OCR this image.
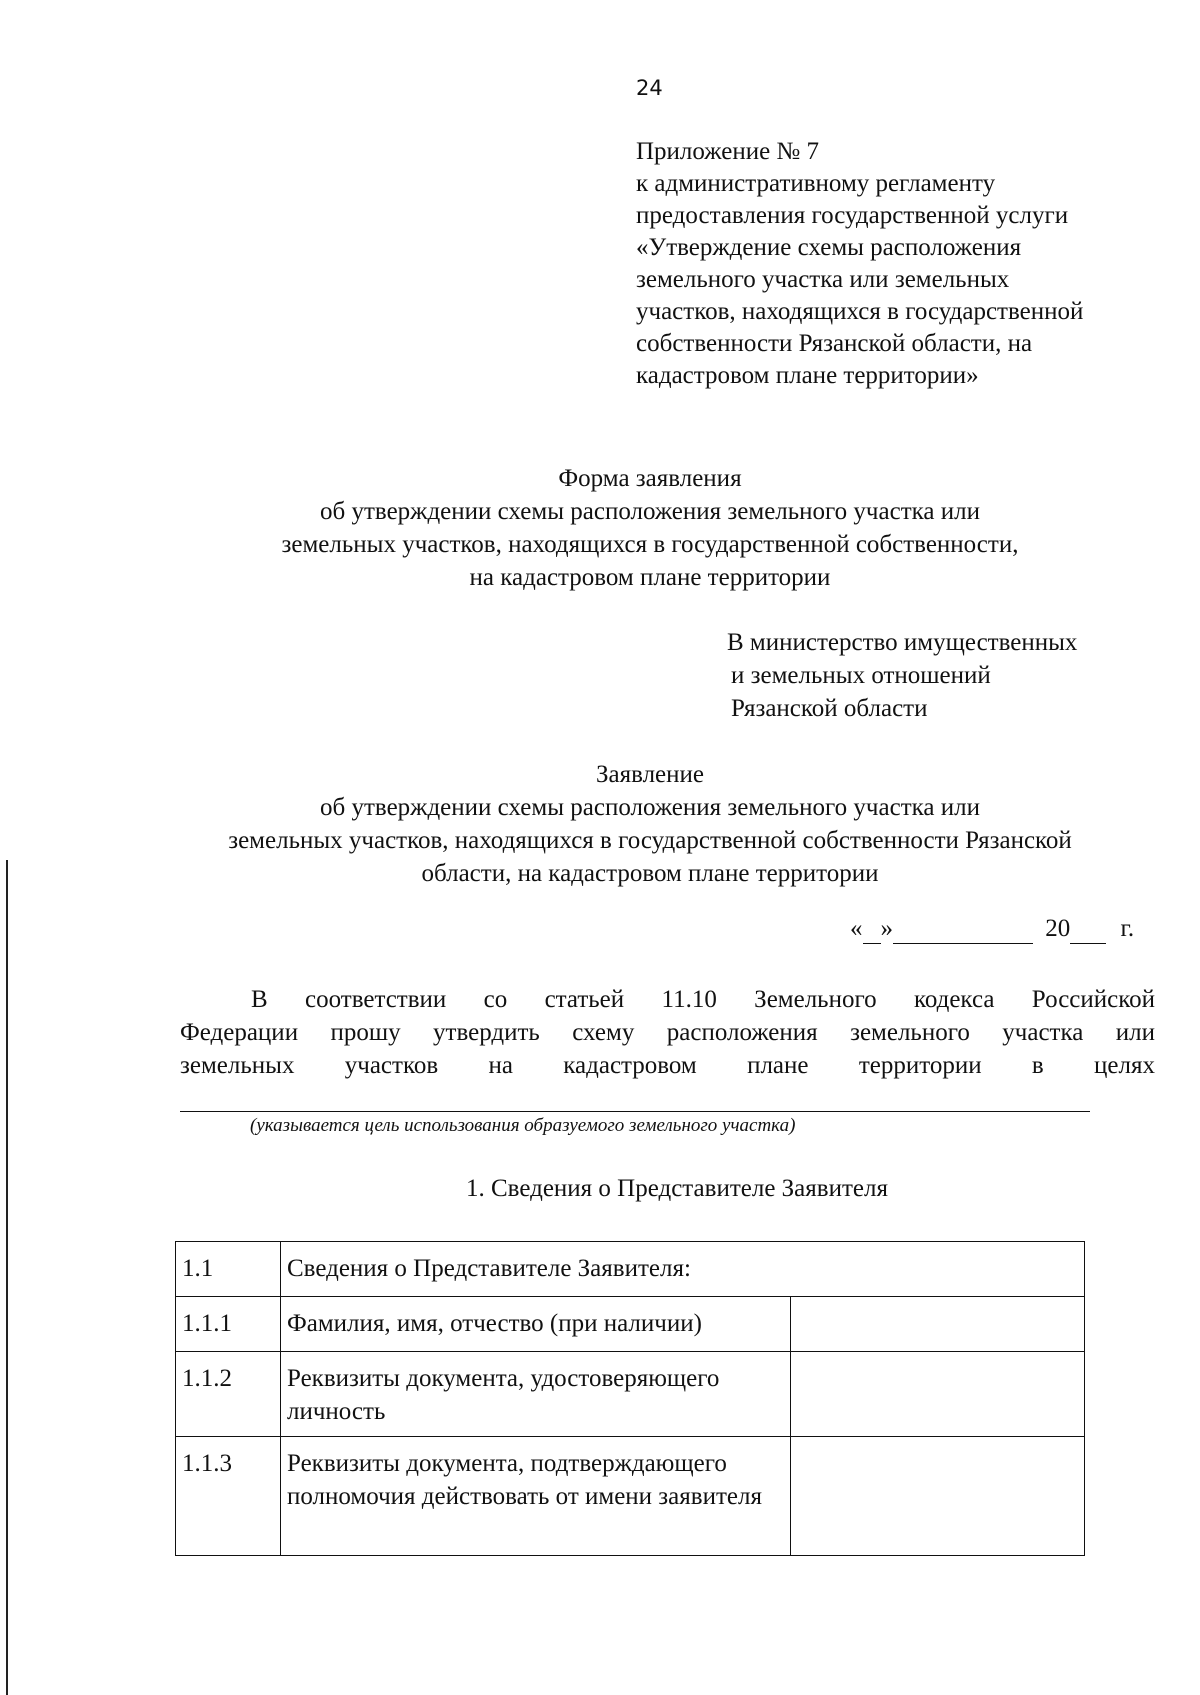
24
Приложение № 7
к административному регламенту
предоставления государственной услуги
«Утверждение схемы расположения
земельного участка или земельных
участков, находящихся в государственной
собственности Рязанской области, на
кадастровом плане территории»
Форма заявления
об утверждении схемы расположения земельного участка или
земельных участков, находящихся в государственной собственности,
на кадастровом плане территории
В министерство имущественных
и земельных отношений
Рязанской области
Заявление
об утверждении схемы расположения земельного участка или
земельных участков, находящихся в государственной собственности Рязанской
области, на кадастровом плане территории
« »	20 г.
В соответствии со статьей 11.10 Земельного кодекса Российской
Федерации прошу утвердить схему расположения земельного участка или
земельных участков на кадастровом плане территории в целях
(указывается цель использования образуемого земельного участка)
1. Сведения о Представителе Заявителя
1.1	Сведения о Представителе Заявителя:	
1.1.1	Фамилия, имя, отчество (при наличии)	
1.1.2	Реквизиты документа, удостоверяющего личность	
1.1.3	Реквизиты документа, подтверждающего полномочия действовать от имени заявителя	
